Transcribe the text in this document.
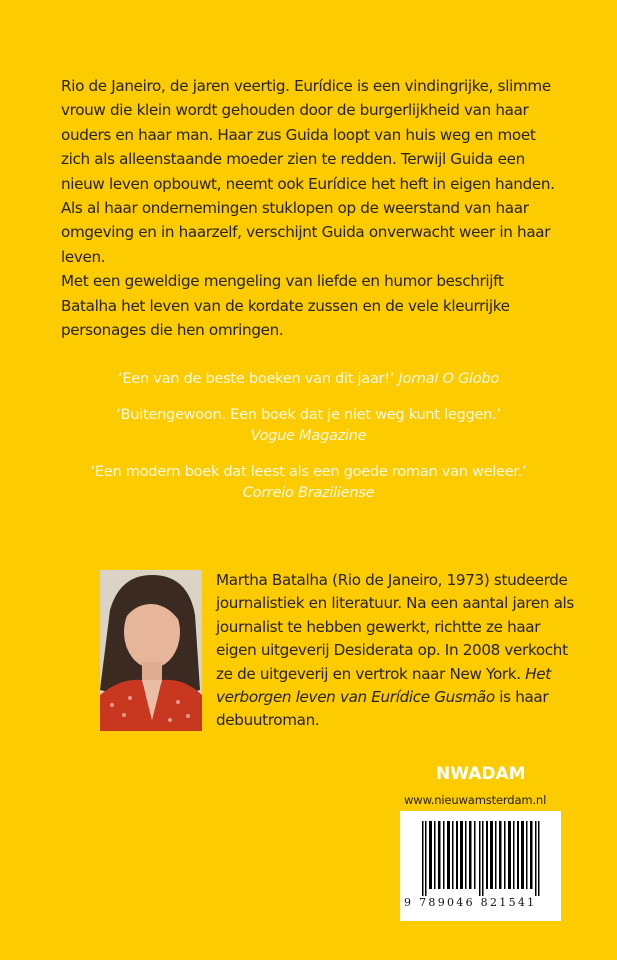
Rio de Janeiro, de jaren veertig. Eurídice is een vindingrijke, slimme vrouw die klein wordt gehouden door de burgerlijkheid van haar ouders en haar man. Haar zus Guida loopt van huis weg en moet zich als alleenstaande moeder zien te redden. Terwijl Guida een nieuw leven opbouwt, neemt ook Eurídice het heft in eigen handen. Als al haar ondernemingen stuklopen op de weerstand van haar omgeving en in haarzelf, verschijnt Guida onverwacht weer in haar leven.

Met een geweldige mengeling van liefde en humor beschrijft Batalha het leven van de kordate zussen en de vele kleurrijke personages die hen omringen.

‘Een van de beste boeken van dit jaar!’ Jornal O Globo

‘Buitengewoon. Een boek dat je niet weg kunt leggen.’
Vogue Magazine

‘Een modern boek dat leest als een goede roman van weleer.’
Correio Braziliense

Martha Batalha (Rio de Janeiro, 1973) studeerde journalistiek en literatuur. Na een aantal jaren als journalist te hebben gewerkt, richtte ze haar eigen uitgeverij Desiderata op. In 2008 verkocht ze de uitgeverij en vertrok naar New York. Het verborgen leven van Eurídice Gusmão is haar debuutroman.
NWADAM
www.nieuwamsterdam.nl
9 789046 821541
